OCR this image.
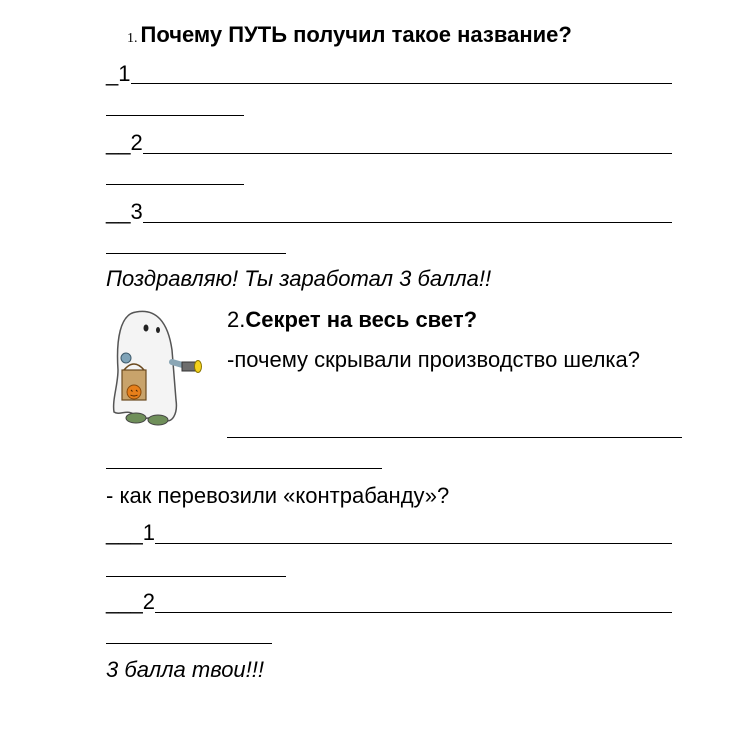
1. Почему ПУТЬ получил такое название?
_1
__2
__3
Поздравляю! Ты заработал 3 балла!!
2.Секрет на весь свет?
-почему скрывали производство шелка?
- как перевозили «контрабанду»?
___1
___2
3 балла твои!!!
